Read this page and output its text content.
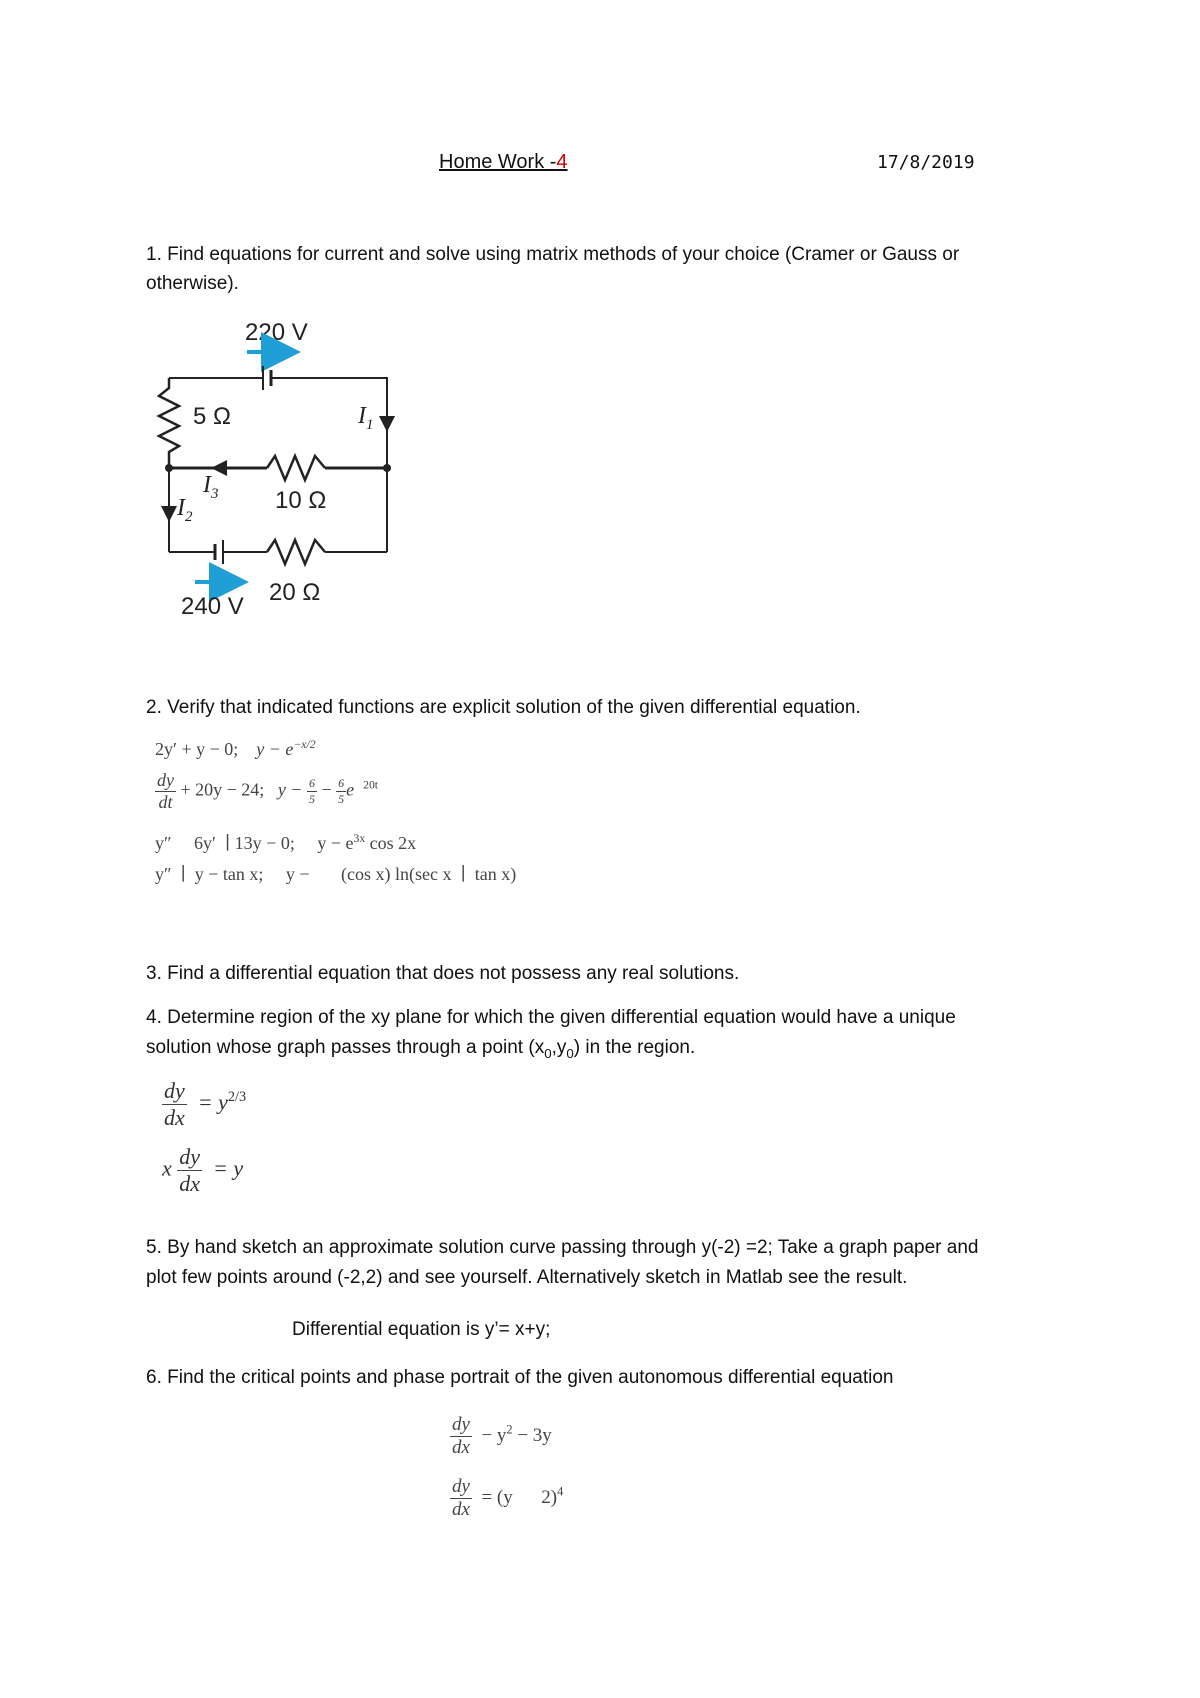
Home Work -4	17/8/2019
1. Find equations for current and solve using matrix methods of your choice (Cramer or Gauss or
otherwise).
220 V
$I_1$
5 Ω
$I_3$ 10 Ω
$I_2$
240 V
20 Ω
2. Verify that indicated functions are explicit solution of the given differential equation.
2y′ + y − 0; $y - e^{-x/2}$
$\frac{dy}{dt} + 20y - 24$; $y - \frac{6}{5} - \frac{6}{5}$ e $^{20t}$
y″     6y′  ∣ 13y − 0;     $y - e^{3x}$ cos 2x
y″  ∣  y − tan x;     y −       (cos x) ln(sec x  ∣  tan x)
3. Find a differential equation that does not possess any real solutions.
4. Determine region of the xy plane for which the given differential equation would have a unique
solution whose graph passes through a point $(x_0,y_0)$ in the region.
$\frac{dy}{dx} = y^{2/3}$
x $\frac{dy}{dx} = y$
5. By hand sketch an approximate solution curve passing through y(-2) =2; Take a graph paper and
plot few points around (-2,2) and see yourself. Alternatively sketch in Matlab see the result.
Differential equation is y’= x+y;
6. Find the critical points and phase portrait of the given autonomous differential equation
$\frac{dy}{dx} - y^2 - 3y$
$\frac{dy}{dx} = (y$      2)$^4$
